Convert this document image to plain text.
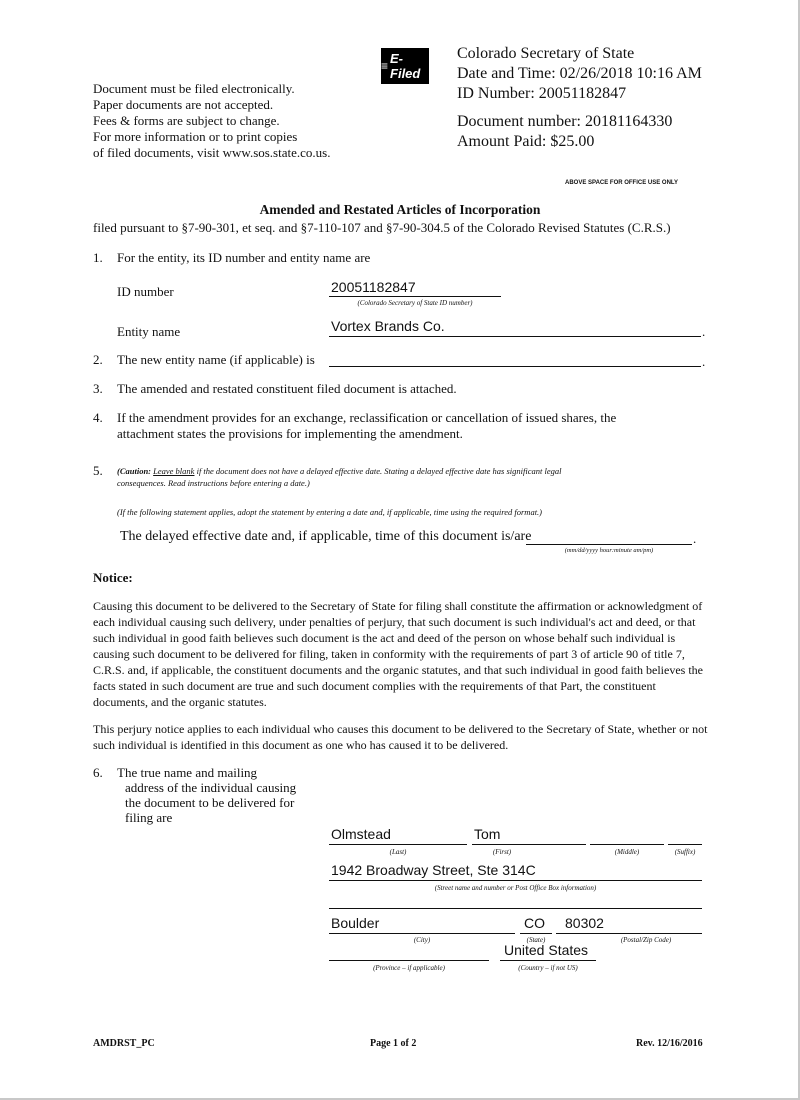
Document must be filed electronically.
Paper documents are not accepted.
Fees & forms are subject to change.
For more information or to print copies
of filed documents, visit www.sos.state.co.us.
≡ E-Filed
Colorado Secretary of State
Date and Time: 02/26/2018 10:16 AM
ID Number: 20051182847
Document number: 20181164330
Amount Paid: $25.00
ABOVE SPACE FOR OFFICE USE ONLY
Amended and Restated Articles of Incorporation
filed pursuant to §7-90-301, et seq. and §7-110-107 and §7-90-304.5 of the Colorado Revised Statutes (C.R.S.)
1. For the entity, its ID number and entity name are
ID number	20051182847
(Colorado Secretary of State ID number)
Entity name	Vortex Brands Co.	.
2. The new entity name (if applicable) is	.
3. The amended and restated constituent filed document is attached.
4. If the amendment provides for an exchange, reclassification or cancellation of issued shares, the
attachment states the provisions for implementing the amendment.
5. (Caution: Leave blank if the document does not have a delayed effective date. Stating a delayed effective date has significant legal
consequences. Read instructions before entering a date.)
(If the following statement applies, adopt the statement by entering a date and, if applicable, time using the required format.)
The delayed effective date and, if applicable, time of this document is/are	.
(mm/dd/yyyy hour:minute am/pm)
Notice:
Causing this document to be delivered to the Secretary of State for filing shall constitute the affirmation or acknowledgment of each individual causing such delivery, under penalties of perjury, that such document is such individual's act and deed, or that such individual in good faith believes such document is the act and deed of the person on whose behalf such individual is causing such document to be delivered for filing, taken in conformity with the requirements of part 3 of article 90 of title 7, C.R.S. and, if applicable, the constituent documents and the organic statutes, and that such individual in good faith believes the facts stated in such document are true and such document complies with the requirements of that Part, the constituent documents, and the organic statutes.
This perjury notice applies to each individual who causes this document to be delivered to the Secretary of State, whether or not such individual is identified in this document as one who has caused it to be delivered.
6. The true name and mailing
address of the individual causing
the document to be delivered for
filing are
Olmstead	Tom
(Last)	(First)	(Middle)	(Suffix)
1942 Broadway Street, Ste 314C
(Street name and number or Post Office Box information)
Boulder	CO 80302
(City)	(State)	(Postal/Zip Code)
United States
(Province – if applicable)	(Country – if not US)
AMDRST_PC	Page 1 of 2	Rev. 12/16/2016
